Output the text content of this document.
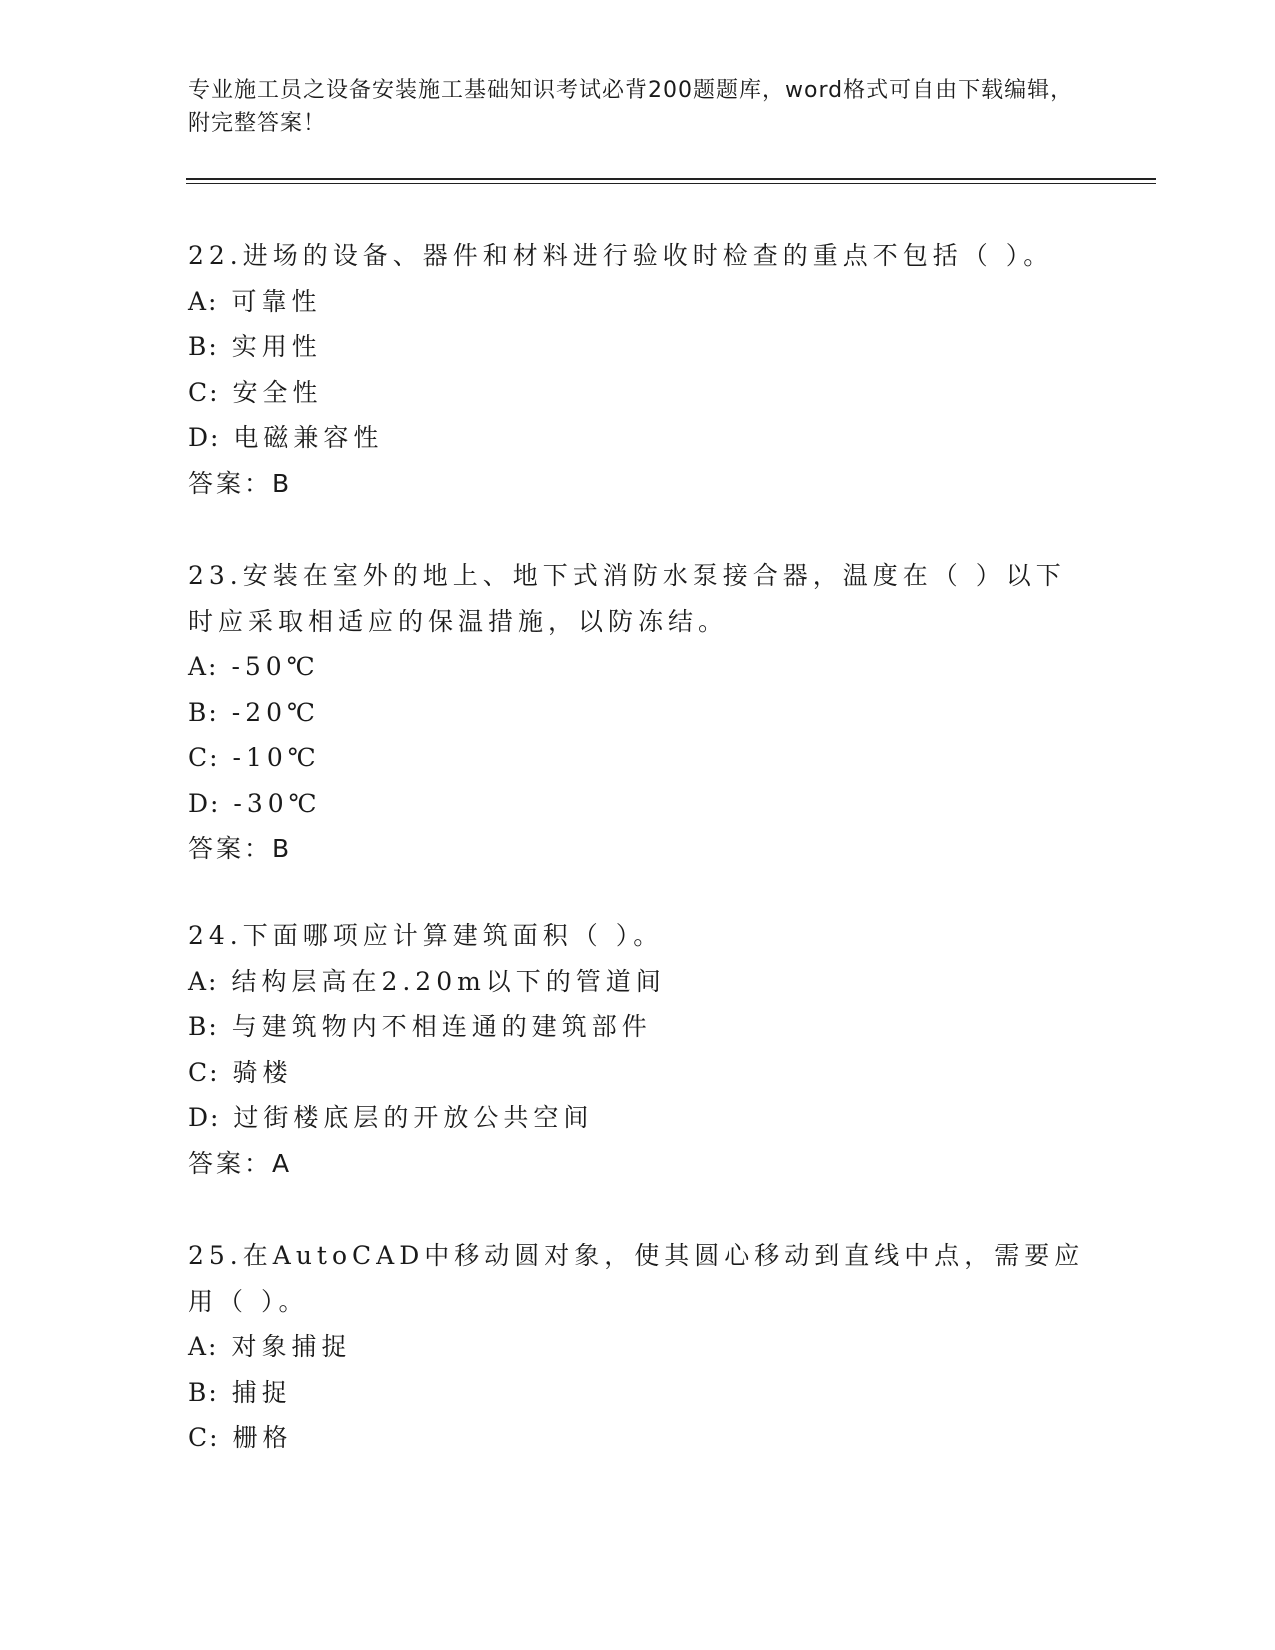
专业施工员之设备安装施工基础知识考试必背200题题库，word格式可自由下载编辑，附完整答案！
22.进场的设备、器件和材料进行验收时检查的重点不包括（ ）。
A: 可靠性
B: 实用性
C: 安全性
D: 电磁兼容性
答案：B
23.安装在室外的地上、地下式消防水泵接合器，温度在（ ）以下时应采取相适应的保温措施，以防冻结。
A: -50℃
B: -20℃
C: -10℃
D: -30℃
答案：B
24.下面哪项应计算建筑面积（ ）。
A: 结构层高在2.20m以下的管道间
B: 与建筑物内不相连通的建筑部件
C: 骑楼
D: 过街楼底层的开放公共空间
答案：A
25.在AutoCAD中移动圆对象，使其圆心移动到直线中点，需要应用（ ）。
A: 对象捕捉
B: 捕捉
C: 栅格
